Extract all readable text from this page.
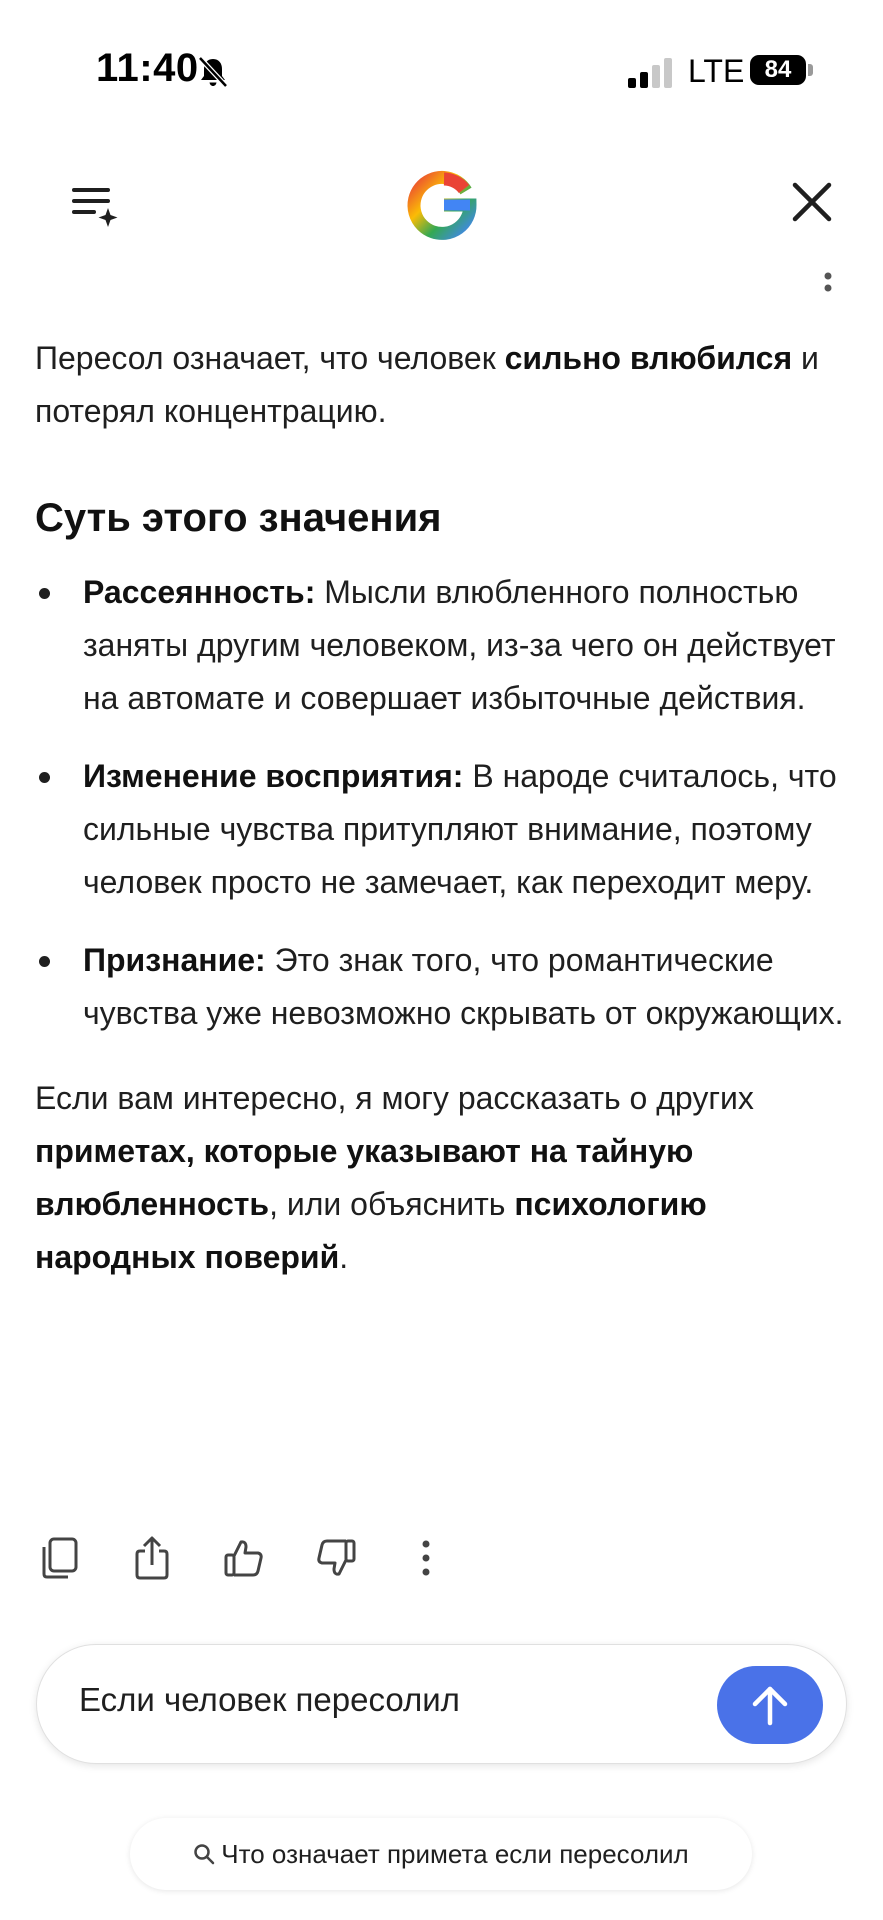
11:40	LTE 84

Пересол означает, что человек сильно влюбился и потерял концентрацию.

Суть этого значения
Рассеянность: Мысли влюбленного полностью заняты другим человеком, из-за чего он действует на автомате и совершает избыточные действия.
Изменение восприятия: В народе считалось, что сильные чувства притупляют внимание, поэтому человек просто не замечает, как переходит меру.
Признание: Это знак того, что романтические чувства уже невозможно скрывать от окружающих.

Если вам интересно, я могу рассказать о других приметах, которые указывают на тайную влюбленность, или объяснить психологию народных поверий.

Если человек пересолил
Что означает примета если пересолил
